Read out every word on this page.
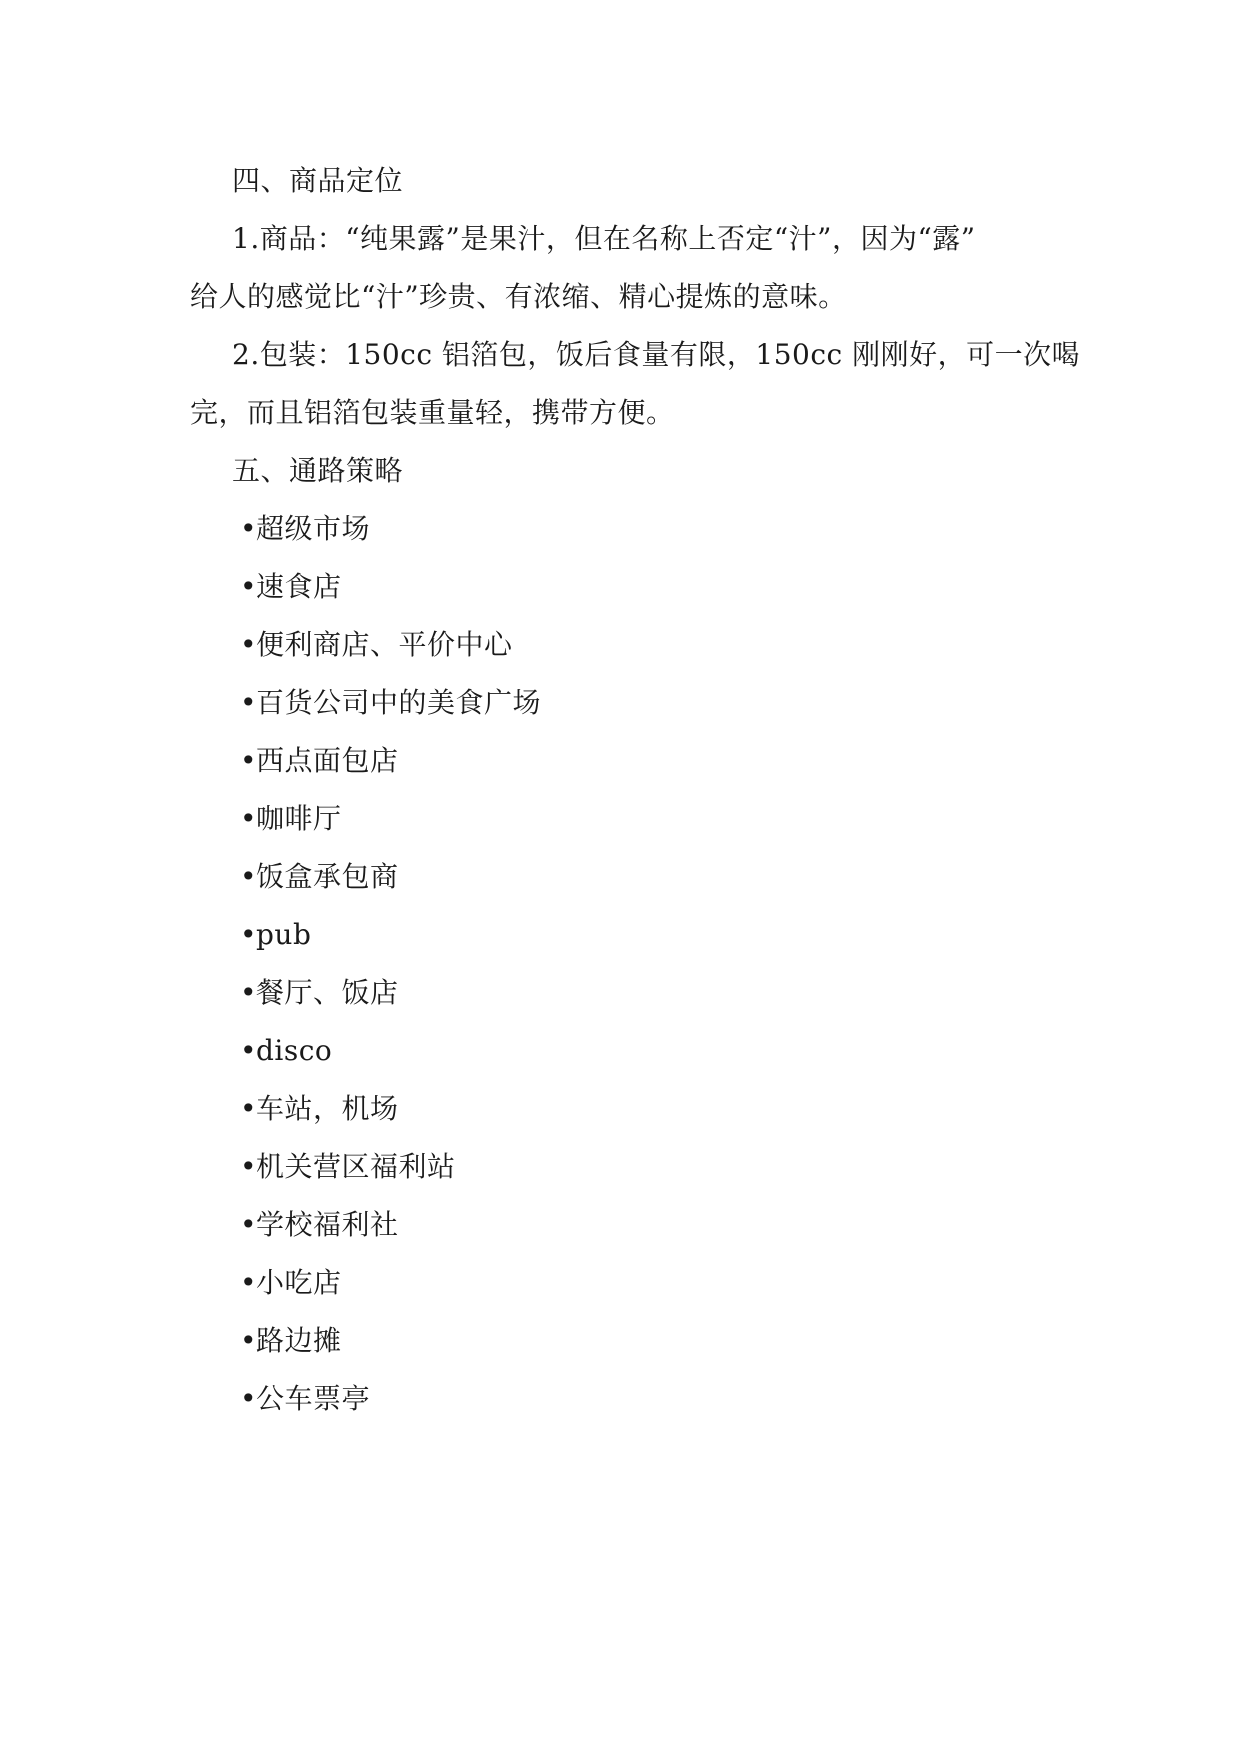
四、商品定位
1.商品：“纯果露”是果汁，但在名称上否定“汁”，因为“露”
给人的感觉比“汁”珍贵、有浓缩、精心提炼的意味。
2.包装：150cc 铝箔包，饭后食量有限，150cc 刚刚好，可一次喝
完，而且铝箔包装重量轻，携带方便。
五、通路策略
•超级市场
•速食店
•便利商店、平价中心
•百货公司中的美食广场
•西点面包店
•咖啡厅
•饭盒承包商
•pub
•餐厅、饭店
•disco
•车站，机场
•机关营区福利站
•学校福利社
•小吃店
•路边摊
•公车票亭
